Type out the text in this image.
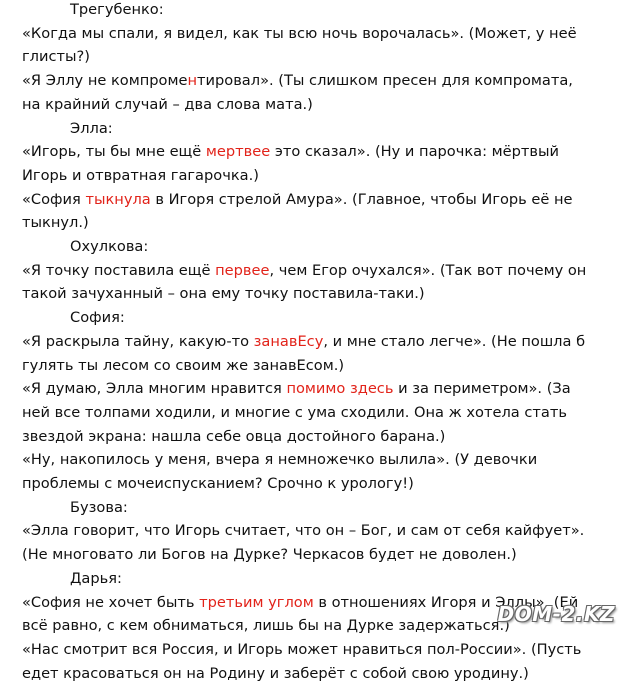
Трегубенко:
«Когда мы спали, я видел, как ты всю ночь ворочалась». (Может, у неё
глисты?)
«Я Эллу не компроментировал». (Ты слишком пресен для компромата,
на крайний случай – два слова мата.)
Элла:
«Игорь, ты бы мне ещё мертвее это сказал». (Ну и парочка: мёртвый
Игорь и отвратная гагарочка.)
«София тыкнула в Игоря стрелой Амура». (Главное, чтобы Игорь её не
тыкнул.)
Охулкова:
«Я точку поставила ещё первее, чем Егор очухался». (Так вот почему он
такой зачуханный – она ему точку поставила-таки.)
София:
«Я раскрыла тайну, какую-то занавЕсу, и мне стало легче». (Не пошла б
гулять ты лесом со своим же занавЕсом.)
«Я думаю, Элла многим нравится помимо здесь и за периметром». (За
ней все толпами ходили, и многие с ума сходили. Она ж хотела стать
звездой экрана: нашла себе овца достойного барана.)
«Ну, накопилось у меня, вчера я немножечко вылила». (У девочки
проблемы с мочеиспусканием? Срочно к урологу!)
Бузова:
«Элла говорит, что Игорь считает, что он – Бог, и сам от себя кайфует».
(Не многовато ли Богов на Дурке? Черкасов будет не доволен.)
Дарья:
«София не хочет быть третьим углом в отношениях Игоря и Эллы». (Ей
всё равно, с кем обниматься, лишь бы на Дурке задержаться.)
«Нас смотрит вся Россия, и Игорь может нравиться пол-России». (Пусть
едет красоваться он на Родину и заберёт с собой свою уродину.)
DOM-2.KZ
